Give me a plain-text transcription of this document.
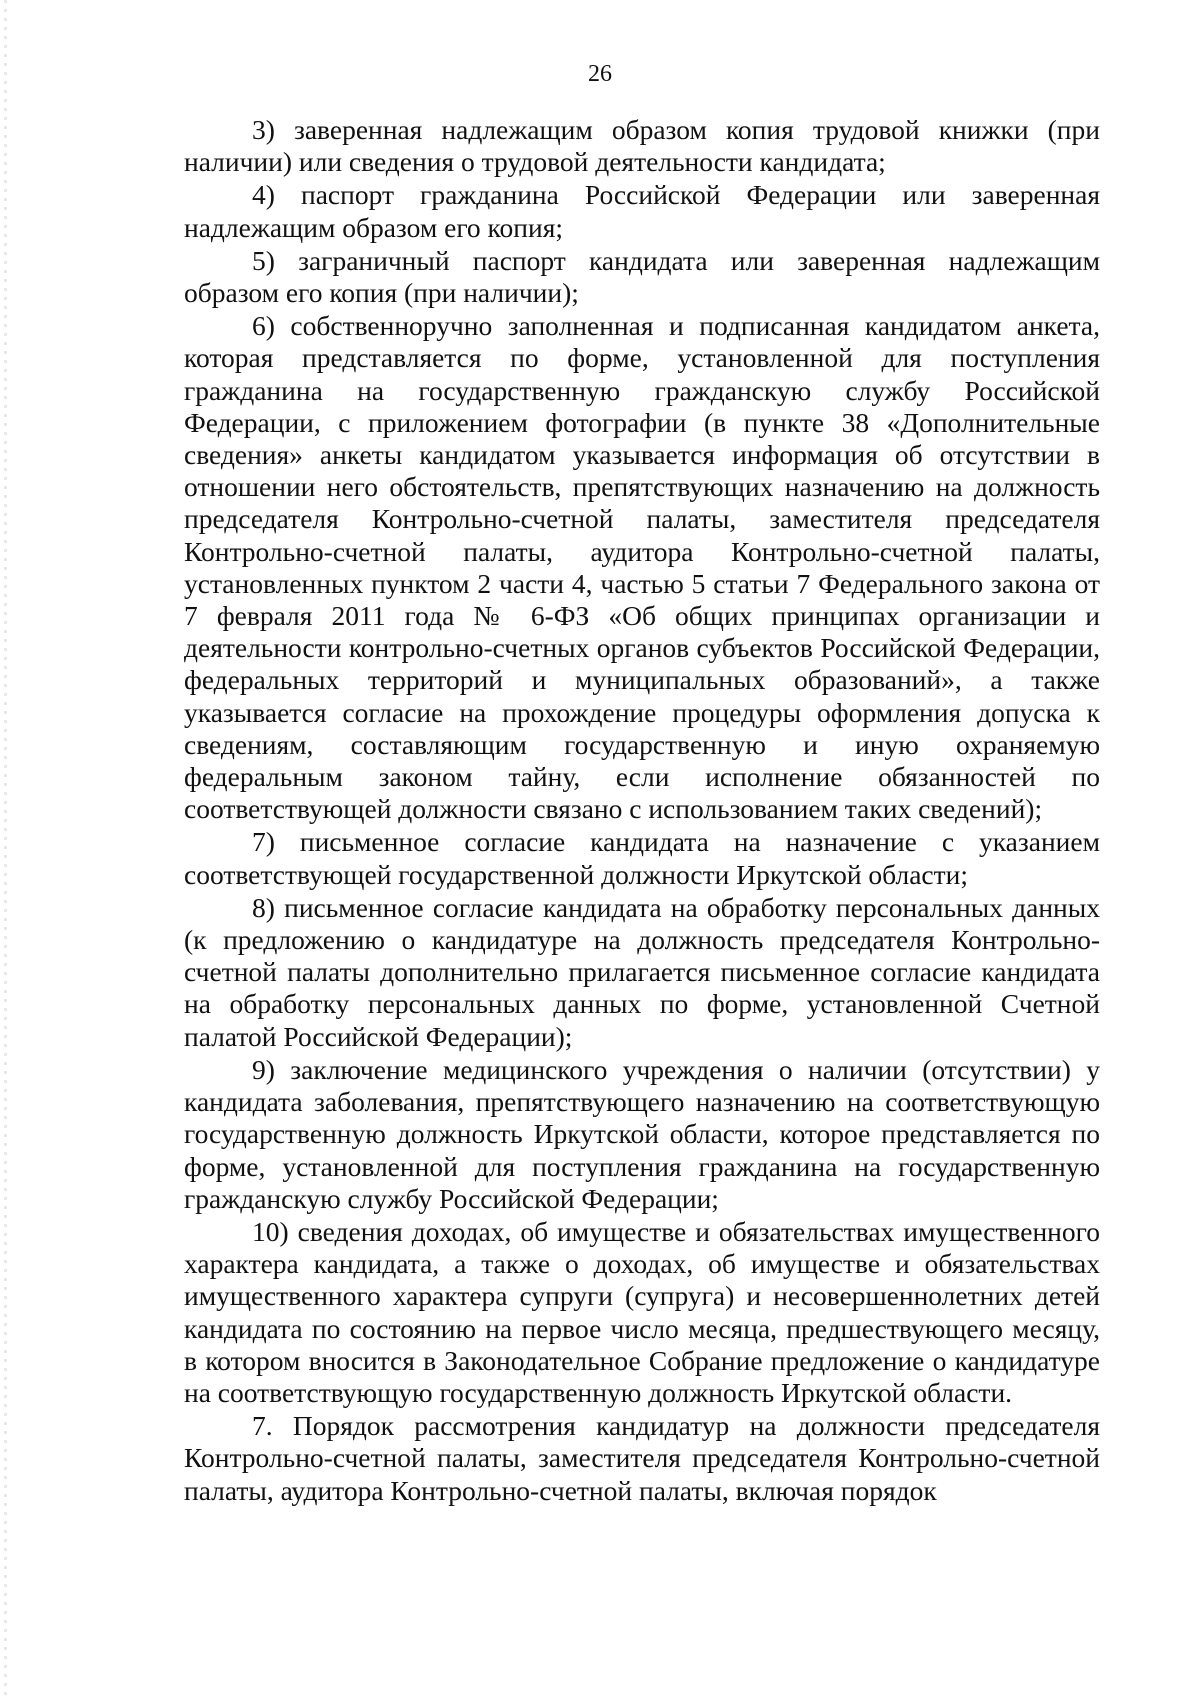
26

3) заверенная надлежащим образом копия трудовой книжки (при наличии) или сведения о трудовой деятельности кандидата;

4) паспорт гражданина Российской Федерации или заверенная надлежащим образом его копия;

5) заграничный паспорт кандидата или заверенная надлежащим образом его копия (при наличии);

6) собственноручно заполненная и подписанная кандидатом анкета, которая представляется по форме, установленной для поступления гражданина на государственную гражданскую службу Российской Федерации, с приложением фотографии (в пункте 38 «Дополнительные сведения» анкеты кандидатом указывается информация об отсутствии в отношении него обстоятельств, препятствующих назначению на должность председателя Контрольно-счетной палаты, заместителя председателя Контрольно-счетной палаты, аудитора Контрольно-счетной палаты, установленных пунктом 2 части 4, частью 5 статьи 7 Федерального закона от 7 февраля 2011 года № 6-ФЗ «Об общих принципах организации и деятельности контрольно-счетных органов субъектов Российской Федерации, федеральных территорий и муниципальных образований», а также указывается согласие на прохождение процедуры оформления допуска к сведениям, составляющим государственную и иную охраняемую федеральным законом тайну, если исполнение обязанностей по соответствующей должности связано с использованием таких сведений);

7) письменное согласие кандидата на назначение с указанием соответствующей государственной должности Иркутской области;

8) письменное согласие кандидата на обработку персональных данных (к предложению о кандидатуре на должность председателя Контрольно-счетной палаты дополнительно прилагается письменное согласие кандидата на обработку персональных данных по форме, установленной Счетной палатой Российской Федерации);

9) заключение медицинского учреждения о наличии (отсутствии) у кандидата заболевания, препятствующего назначению на соответствующую государственную должность Иркутской области, которое представляется по форме, установленной для поступления гражданина на государственную гражданскую службу Российской Федерации;

10) сведения доходах, об имуществе и обязательствах имущественного характера кандидата, а также о доходах, об имуществе и обязательствах имущественного характера супруги (супруга) и несовершеннолетних детей кандидата по состоянию на первое число месяца, предшествующего месяцу, в котором вносится в Законодательное Собрание предложение о кандидатуре на соответствующую государственную должность Иркутской области.

7. Порядок рассмотрения кандидатур на должности председателя Контрольно-счетной палаты, заместителя председателя Контрольно-счетной палаты, аудитора Контрольно-счетной палаты, включая порядок
